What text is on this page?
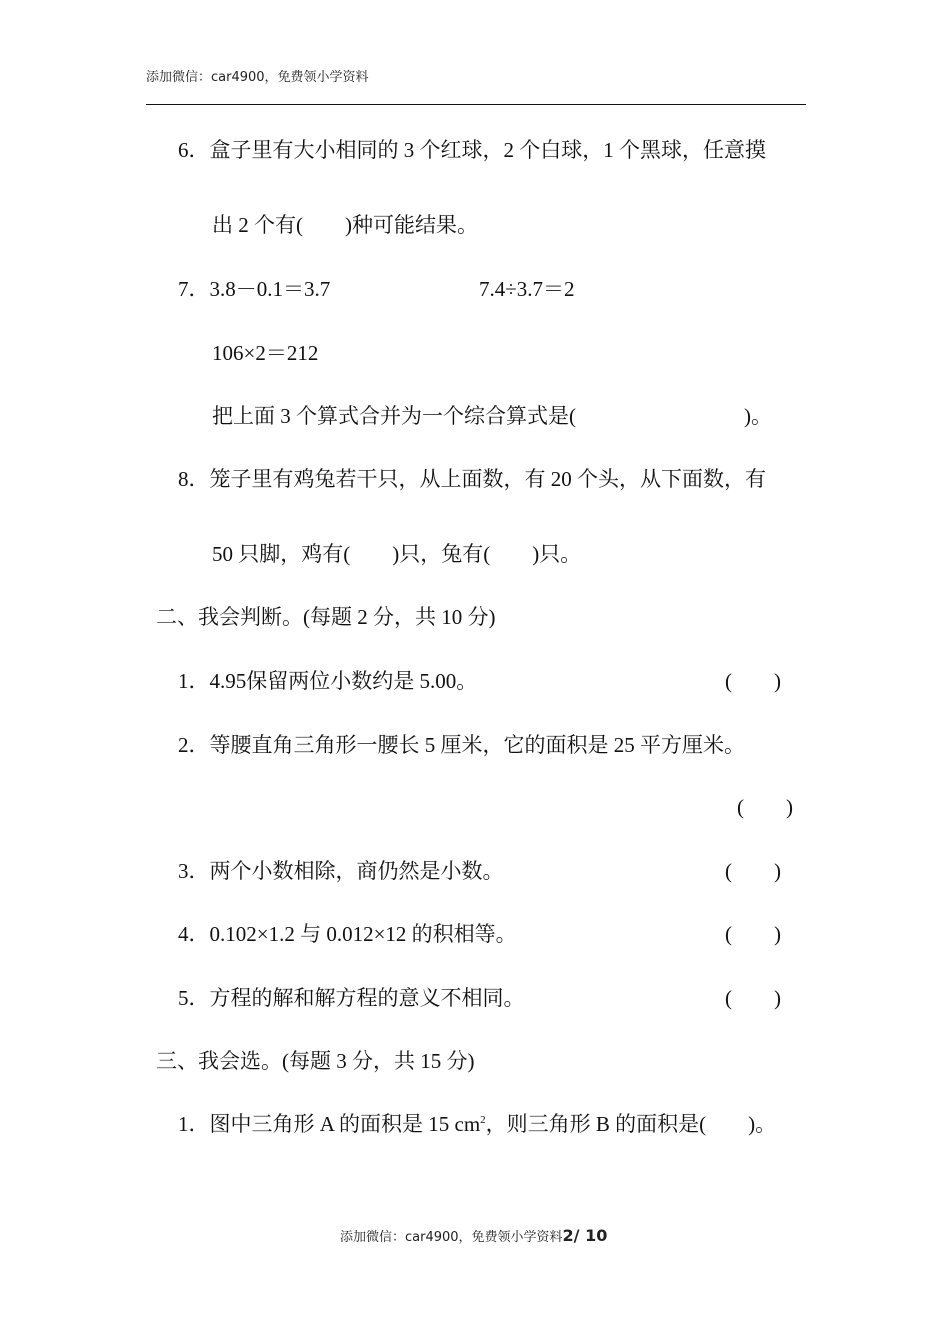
添加微信：car4900，免费领小学资料
6．盒子里有大小相同的 3 个红球，2 个白球，1 个黑球，任意摸
出 2 个有(　　)种可能结果。
7．3.8－0.1＝3.7	7.4÷3.7＝2
106×2＝212
把上面 3 个算式合并为一个综合算式是(　　　　　　　　)。
8．笼子里有鸡兔若干只，从上面数，有 20 个头，从下面数，有
50 只脚，鸡有(　　)只，兔有(　　)只。
二、我会判断。(每题 2 分，共 10 分)
1．4.95保留两位小数约是 5.00。	(　　)
2．等腰直角三角形一腰长 5 厘米，它的面积是 25 平方厘米。
(　　)
3．两个小数相除，商仍然是小数。	(　　)
4．0.102×1.2 与 0.012×12 的积相等。	(　　)
5．方程的解和解方程的意义不相同。	(　　)
三、我会选。(每题 3 分，共 15 分)
1．图中三角形 A 的面积是 15 $cm^2$，则三角形 B 的面积是(　　)。
添加微信：car4900，免费领小学资料2/ 10
